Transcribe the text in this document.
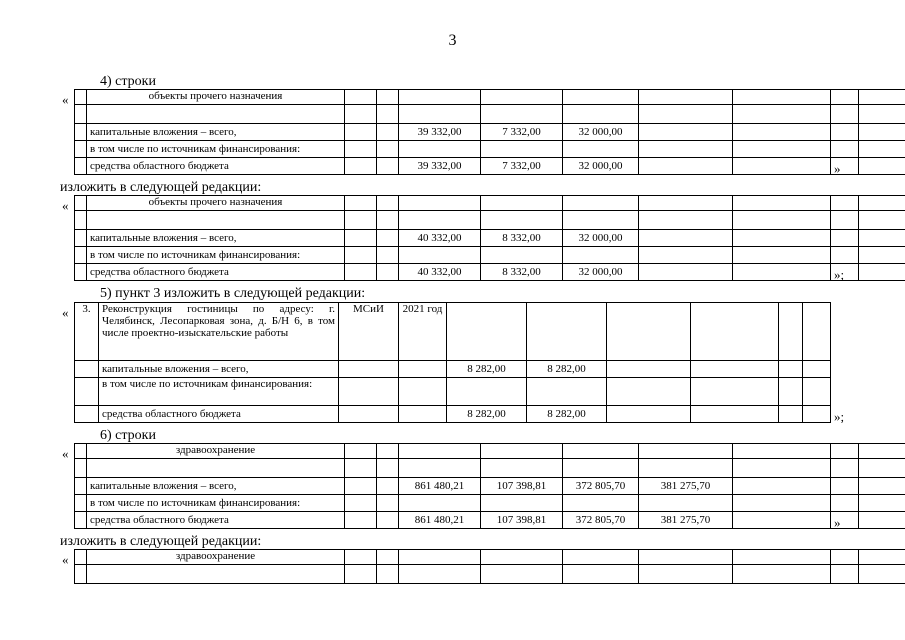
3
4) строки
«
		объекты прочего назначения									

	капитальные вложения – всего,			39 332,00	7 332,00	32 000,00				
	в том числе по источникам финансирования:									
	средства областного бюджета			39 332,00	7 332,00	32 000,00					»
изложить в следующей редакции:
«
		объекты прочего назначения									

	капитальные вложения – всего,			40 332,00	8 332,00	32 000,00				
	в том числе по источникам финансирования:									
	средства областного бюджета			40 332,00	8 332,00	32 000,00					»;
5) пункт 3 изложить в следующей редакции:
« 3.	Реконструкция гостиницы по адресу: г. Челябинск, Лесопарковая зона, д. Б/Н 6, в том числе проектно-изыскательские работы	МСиИ	2021 год						
	капитальные вложения – всего,			8 282,00	8 282,00				
	в том числе по источникам финансирования:								
	средства областного бюджета			8 282,00	8 282,00					»;
6) строки
«
		здравоохранение									

	капитальные вложения – всего,			861 480,21	107 398,81	372 805,70	381 275,70			
	в том числе по источникам финансирования:									
	средства областного бюджета			861 480,21	107 398,81	372 805,70	381 275,70				»
изложить в следующей редакции:
«
		здравоохранение									
